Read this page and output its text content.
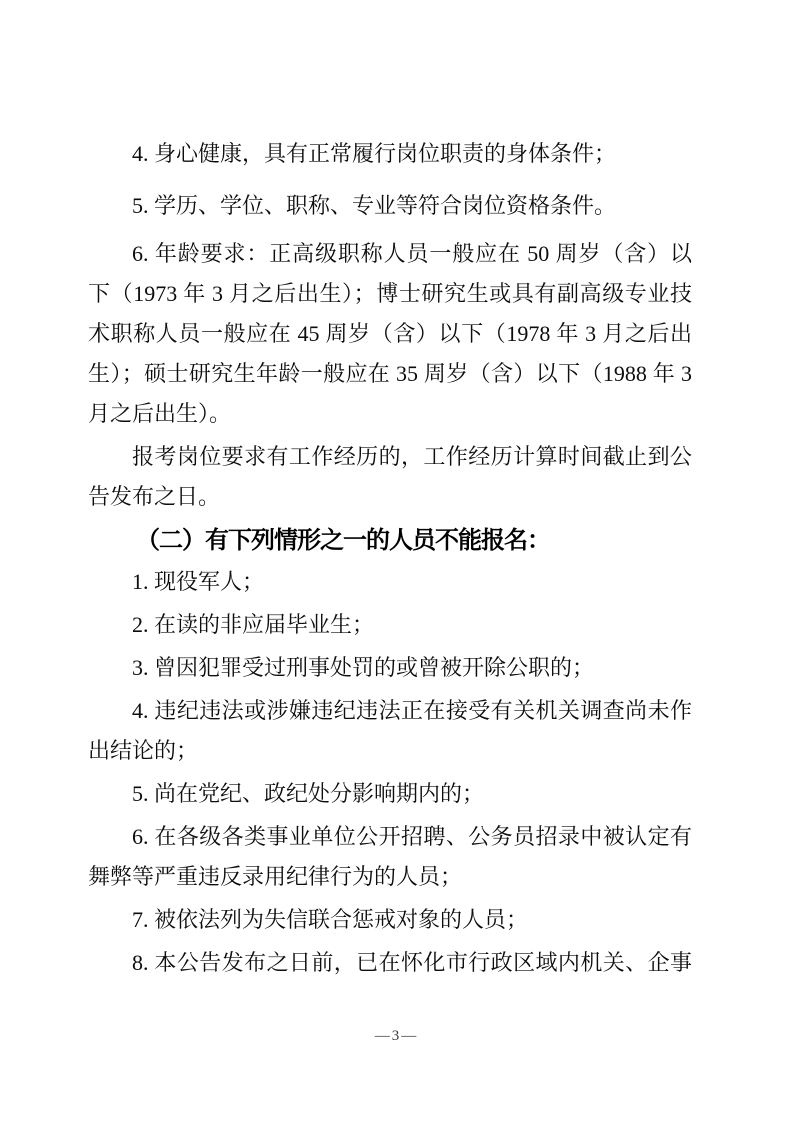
4. 身心健康，具有正常履行岗位职责的身体条件；

5. 学历、学位、职称、专业等符合岗位资格条件。

6. 年龄要求：正高级职称人员一般应在 50 周岁（含）以下（1973 年 3 月之后出生）；博士研究生或具有副高级专业技术职称人员一般应在 45 周岁（含）以下（1978 年 3 月之后出生）；硕士研究生年龄一般应在 35 周岁（含）以下（1988 年 3 月之后出生）。

报考岗位要求有工作经历的，工作经历计算时间截止到公告发布之日。

（二）有下列情形之一的人员不能报名：

1. 现役军人；

2. 在读的非应届毕业生；

3. 曾因犯罪受过刑事处罚的或曾被开除公职的；

4. 违纪违法或涉嫌违纪违法正在接受有关机关调查尚未作出结论的；

5. 尚在党纪、政纪处分影响期内的；

6. 在各级各类事业单位公开招聘、公务员招录中被认定有舞弊等严重违反录用纪律行为的人员；

7. 被依法列为失信联合惩戒对象的人员；

8. 本公告发布之日前，已在怀化市行政区域内机关、企事

—3—
